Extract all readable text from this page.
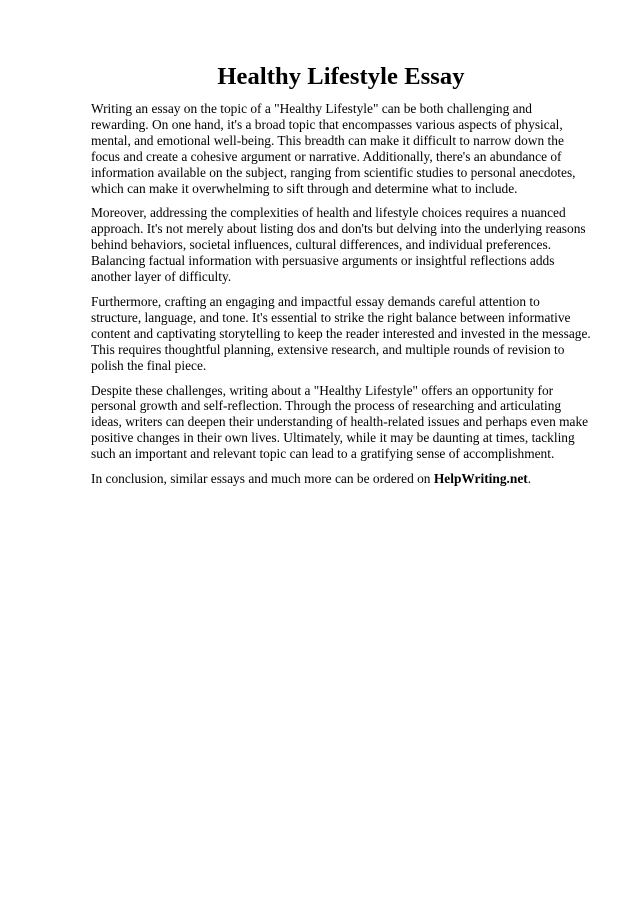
Healthy Lifestyle Essay

Writing an essay on the topic of a "Healthy Lifestyle" can be both challenging and rewarding. On one hand, it's a broad topic that encompasses various aspects of physical, mental, and emotional well-being. This breadth can make it difficult to narrow down the focus and create a cohesive argument or narrative. Additionally, there's an abundance of information available on the subject, ranging from scientific studies to personal anecdotes, which can make it overwhelming to sift through and determine what to include.

Moreover, addressing the complexities of health and lifestyle choices requires a nuanced approach. It's not merely about listing dos and don'ts but delving into the underlying reasons behind behaviors, societal influences, cultural differences, and individual preferences. Balancing factual information with persuasive arguments or insightful reflections adds another layer of difficulty.

Furthermore, crafting an engaging and impactful essay demands careful attention to structure, language, and tone. It's essential to strike the right balance between informative content and captivating storytelling to keep the reader interested and invested in the message. This requires thoughtful planning, extensive research, and multiple rounds of revision to polish the final piece.

Despite these challenges, writing about a "Healthy Lifestyle" offers an opportunity for personal growth and self-reflection. Through the process of researching and articulating ideas, writers can deepen their understanding of health-related issues and perhaps even make positive changes in their own lives. Ultimately, while it may be daunting at times, tackling such an important and relevant topic can lead to a gratifying sense of accomplishment.

In conclusion, similar essays and much more can be ordered on HelpWriting.net.
